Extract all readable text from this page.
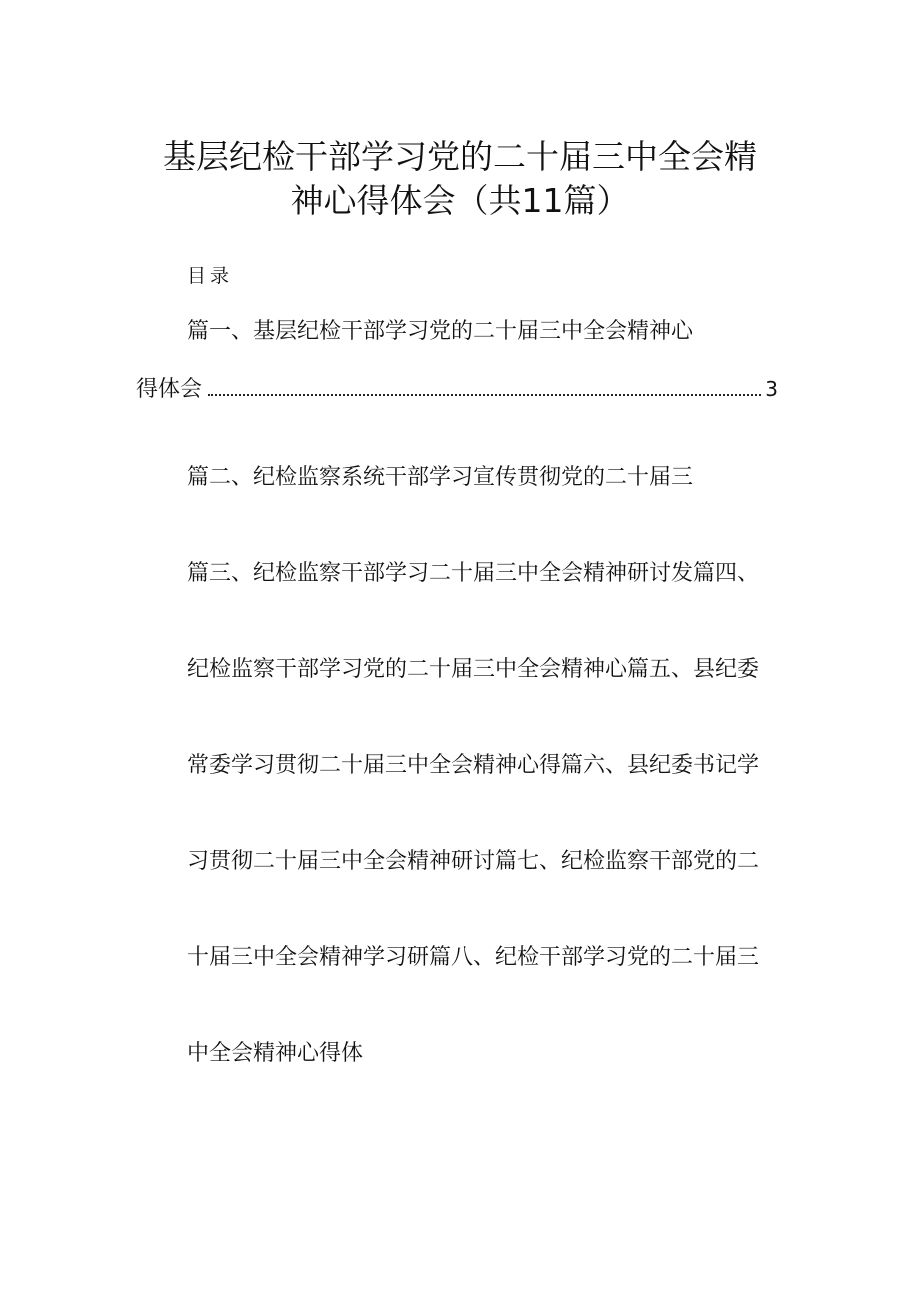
基层纪检干部学习党的二十届三中全会精
神心得体会（共11篇）

目录

篇一、基层纪检干部学习党的二十届三中全会精神心

得体会	3

篇二、纪检监察系统干部学习宣传贯彻党的二十届三

篇三、纪检监察干部学习二十届三中全会精神研讨发篇四、

纪检监察干部学习党的二十届三中全会精神心篇五、县纪委

常委学习贯彻二十届三中全会精神心得篇六、县纪委书记学

习贯彻二十届三中全会精神研讨篇七、纪检监察干部党的二

十届三中全会精神学习研篇八、纪检干部学习党的二十届三

中全会精神心得体
